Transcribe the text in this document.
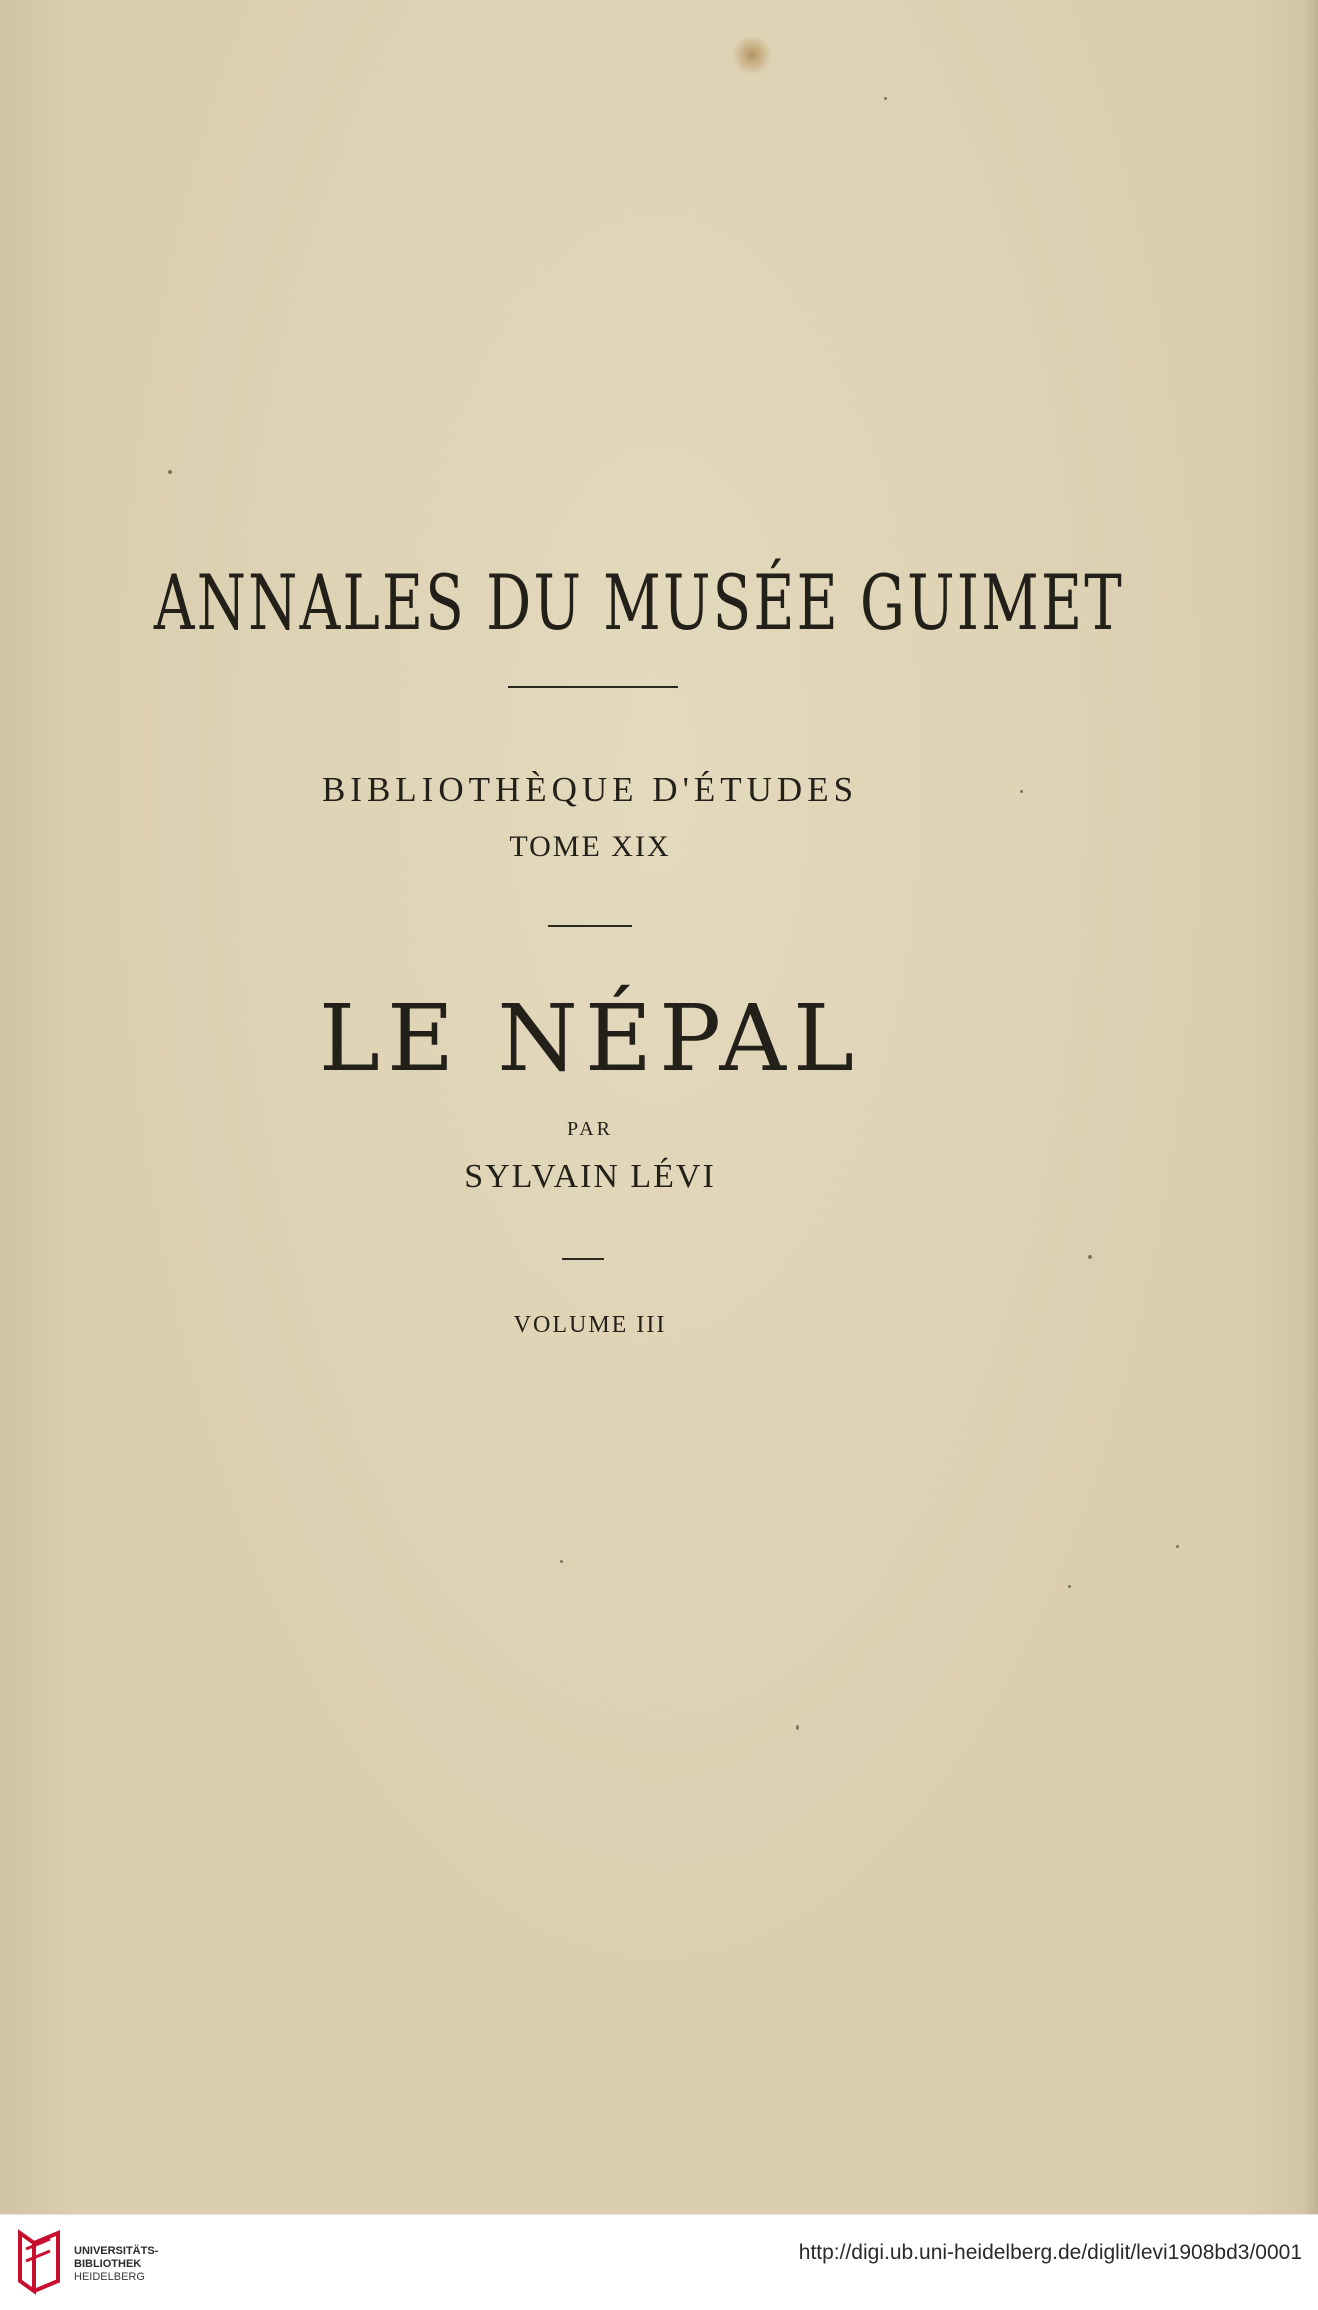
ANNALES DU MUSÉE GUIMET
BIBLIOTHÈQUE D'ÉTUDES
TOME XIX
LE NÉPAL
PAR
SYLVAIN LÉVI
VOLUME III
UNIVERSITÄTS-
BIBLIOTHEK
HEIDELBERG
http://digi.ub.uni-heidelberg.de/diglit/levi1908bd3/0001
